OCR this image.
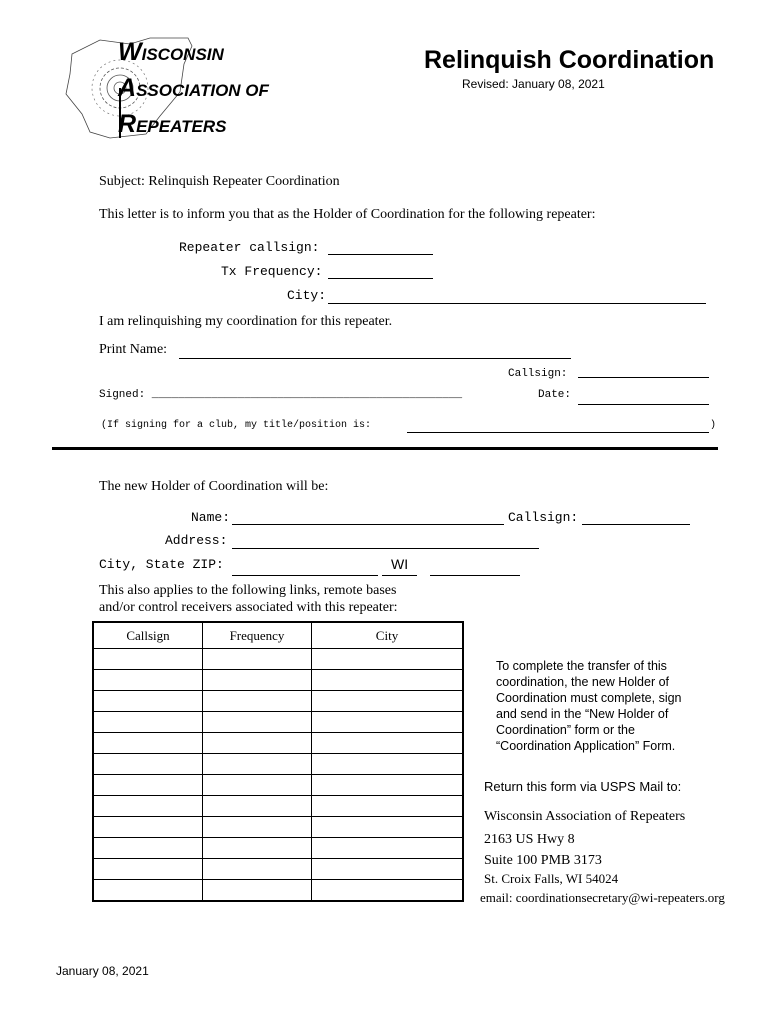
WISCONSIN
ASSOCIATION OF
REPEATERS
Relinquish Coordination
Revised: January 08, 2021
Subject: Relinquish Repeater Coordination
This letter is to inform you that as the Holder of Coordination for the following repeater:
Repeater callsign:
Tx Frequency:
City:
I am relinquishing my coordination for this repeater.
Print Name:
Callsign:
Signed: _______________________________________________	Date:
(If signing for a club, my title/position is:	)
The new Holder of Coordination will be:
Name:	Callsign:
Address:
City, State ZIP:	WI
This also applies to the following links, remote bases
and/or control receivers associated with this repeater:
Callsign	Frequency	City

To complete the transfer of this
coordination, the new Holder of
Coordination must complete, sign
and send in the “New Holder of
Coordination” form or the
“Coordination Application” Form.
Return this form via USPS Mail to:
Wisconsin Association of Repeaters
2163 US Hwy 8
Suite 100 PMB 3173
St. Croix Falls, WI 54024
email: coordinationsecretary@wi-repeaters.org
January 08, 2021
